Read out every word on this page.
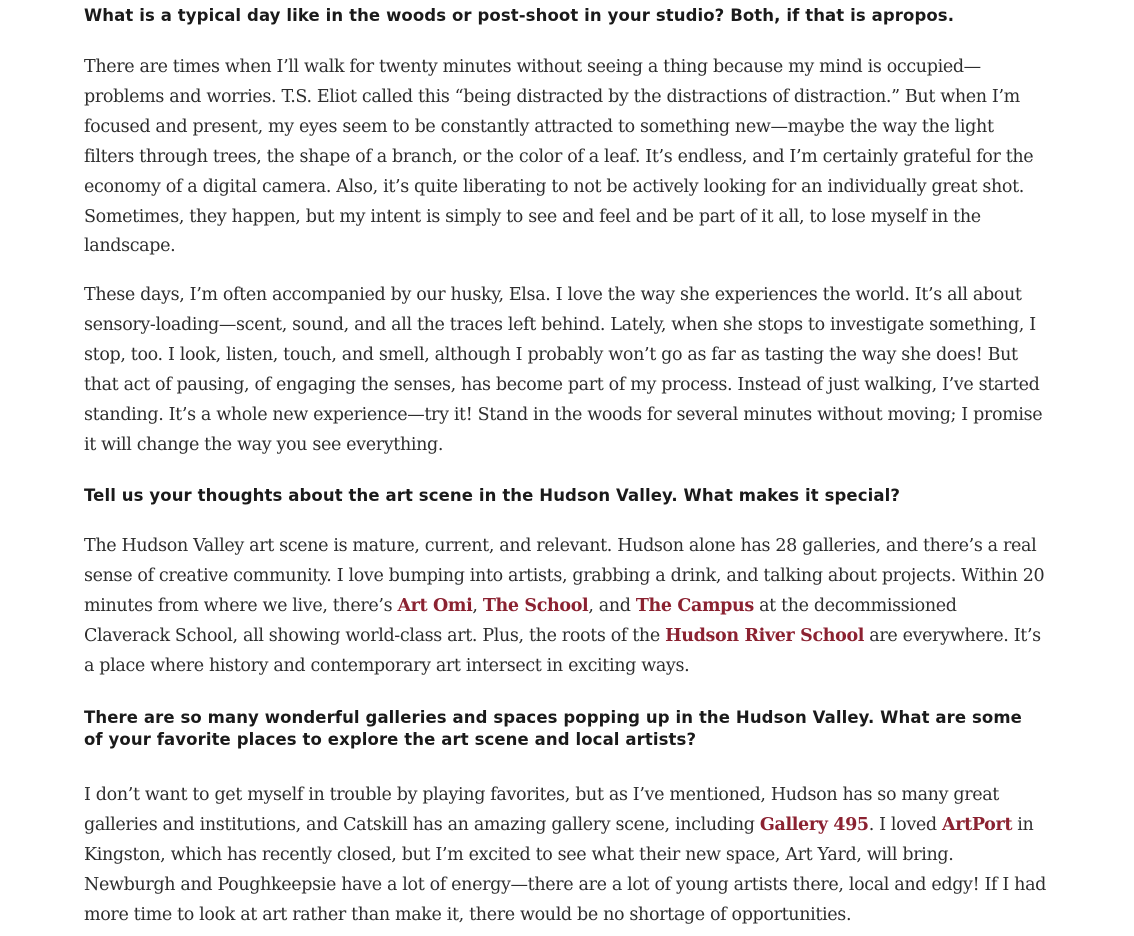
What is a typical day like in the woods or post-shoot in your studio? Both, if that is apropos.

There are times when I’ll walk for twenty minutes without seeing a thing because my mind is occupied—problems and worries. T.S. Eliot called this “being distracted by the distractions of distraction.” But when I’m focused and present, my eyes seem to be constantly attracted to something new—maybe the way the light filters through trees, the shape of a branch, or the color of a leaf. It’s endless, and I’m certainly grateful for the economy of a digital camera. Also, it’s quite liberating to not be actively looking for an individually great shot. Sometimes, they happen, but my intent is simply to see and feel and be part of it all, to lose myself in the landscape.

These days, I’m often accompanied by our husky, Elsa. I love the way she experiences the world. It’s all about sensory-loading—scent, sound, and all the traces left behind. Lately, when she stops to investigate something, I stop, too. I look, listen, touch, and smell, although I probably won’t go as far as tasting the way she does! But that act of pausing, of engaging the senses, has become part of my process. Instead of just walking, I’ve started standing. It’s a whole new experience—try it! Stand in the woods for several minutes without moving; I promise it will change the way you see everything.

Tell us your thoughts about the art scene in the Hudson Valley. What makes it special?

The Hudson Valley art scene is mature, current, and relevant. Hudson alone has 28 galleries, and there’s a real sense of creative community. I love bumping into artists, grabbing a drink, and talking about projects. Within 20 minutes from where we live, there’s Art Omi, The School, and The Campus at the decommissioned Claverack School, all showing world-class art. Plus, the roots of the Hudson River School are everywhere. It’s a place where history and contemporary art intersect in exciting ways.

There are so many wonderful galleries and spaces popping up in the Hudson Valley. What are some of your favorite places to explore the art scene and local artists?

I don’t want to get myself in trouble by playing favorites, but as I’ve mentioned, Hudson has so many great galleries and institutions, and Catskill has an amazing gallery scene, including Gallery 495. I loved ArtPort in Kingston, which has recently closed, but I’m excited to see what their new space, Art Yard, will bring. Newburgh and Poughkeepsie have a lot of energy—there are a lot of young artists there, local and edgy! If I had more time to look at art rather than make it, there would be no shortage of opportunities.
